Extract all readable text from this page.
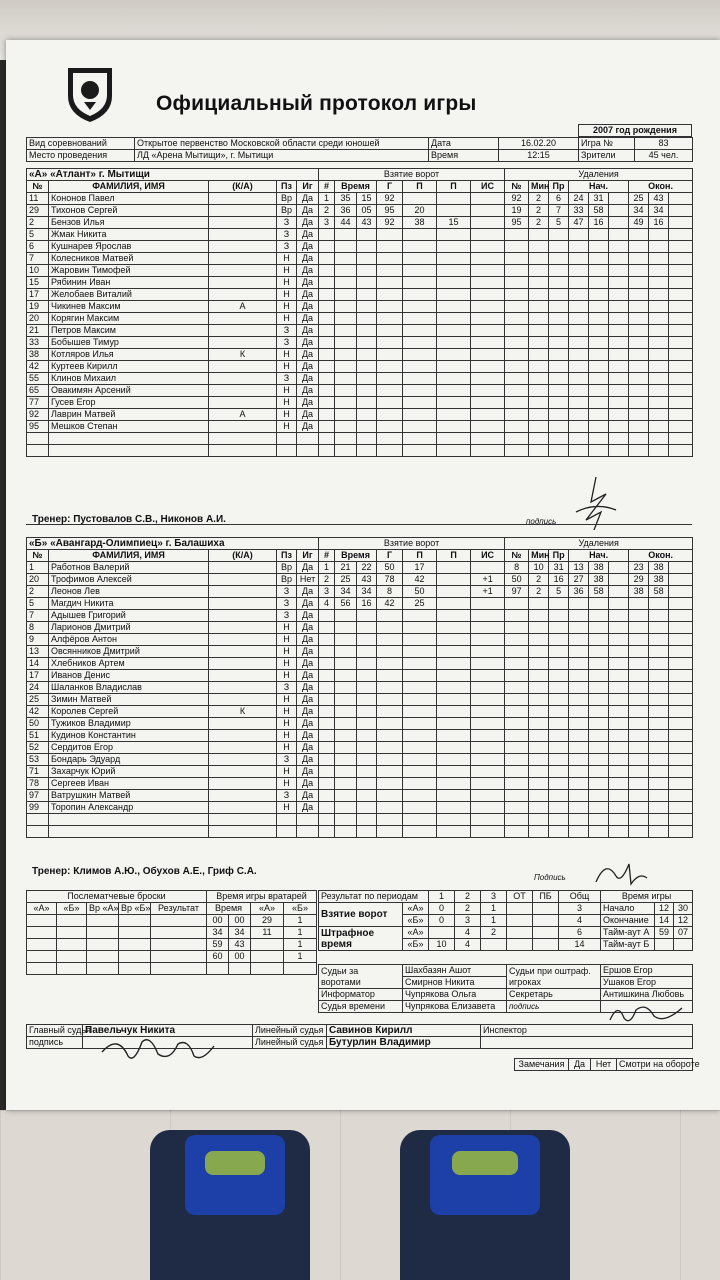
Официальный протокол игры
2007 год рождения
Вид соревнований	Открытое первенство Московской области среди юношей	Дата	16.02.20	Игра №	83
Место проведения	ЛД «Арена Мытищи», г. Мытищи	Время	12:15	Зрители	45 чел.
«А» «Атлант» г. Мытищи					Взятие ворот							Удаления								
№	ФАМИЛИЯ, ИМЯ	(К/А)	Пз	Иг	#	Время		Г	П	П	ИС	№	Мин	Пр	Нач.			Окон.		
11	Кононов Павел		Вр	Да	1	35	15	92				92	2	6	24	31		25	43	
29	Тихонов Сергей		Вр	Да	2	36	05	95	20			19	2	7	33	58		34	34	
2	Бензов Илья		З	Да	3	44	43	92	38	15		95	2	5	47	16		49	16	
5	Жмак Никита		З	Да																
6	Кушнарев Ярослав		З	Да																
7	Колесников Матвей		Н	Да																
10	Жаровин Тимофей		Н	Да																
15	Рябинин Иван		Н	Да																
17	Желобаев Виталий		Н	Да																
19	Чикинев Максим	А	Н	Да																
20	Корягин Максим		Н	Да																
21	Петров Максим		З	Да																
33	Бобышев Тимур		З	Да																
38	Котляров Илья	К	Н	Да																
42	Куртеев Кирилл		Н	Да																
55	Клинов Михаил		З	Да																
65	Овакимян Арсений		Н	Да																
77	Гусев Егор		Н	Да																
92	Лаврин Матвей	А	Н	Да																
95	Мешков Степан		Н	Да																

Тренер: Пустовалов С.В., Никонов А.И.	подпись
«Б» «Авангард-Олимпиец» г. Балашиха					Взятие ворот							Удаления								
№	ФАМИЛИЯ, ИМЯ	(К/А)	Пз	Иг	#	Время		Г	П	П	ИС	№	Мин	Пр	Нач.			Окон.		
1	Работнов Валерий		Вр	Да	1	21	22	50	17			8	10	31	13	38		23	38	
20	Трофимов Алексей		Вр	Нет	2	25	43	78	42		+1	50	2	16	27	38		29	38	
2	Леонов Лев		З	Да	3	34	34	8	50		+1	97	2	5	36	58		38	58	
5	Магдич Никита		З	Да	4	56	16	42	25											
7	Адышев Григорий		З	Да																
8	Ларионов Дмитрий		Н	Да																
9	Алфёров Антон		Н	Да																
13	Овсянников Дмитрий		Н	Да																
14	Хлебников Артем		Н	Да																
17	Иванов Денис		Н	Да																
24	Шаланков Владислав		З	Да																
25	Зимин Матвей		Н	Да																
42	Королев Сергей	К	Н	Да																
50	Тужиков Владимир		Н	Да																
51	Кудинов Константин		Н	Да																
52	Сердитов Егор		Н	Да																
53	Бондарь Эдуард		З	Да																
71	Захарчук Юрий		Н	Да																
78	Сергеев Иван		Н	Да																
97	Ватрушкин Матвей		З	Да																
99	Торопин Александр		Н	Да																

Тренер: Климов А.Ю., Обухов А.Е., Гриф С.А.
Подпись
Послематчевые броски				
«А»	«Б»	Вр «А»	Вр «Б»	Результат

Время игры вратарей			
Время		«А»	«Б»
00	00	29	1
34	34	11	1
59	43		1
60	00		1

Результат по периодам		1	2	3	ОТ	ПБ	Общ
Взятие ворот	«А»	0	2	1			3
	«Б»	0	3	1			4
Штрафное время	«А»		4	2			6
	«Б»	10	4				14
Время игры		
Начало	12	30
Окончание	14	12
Тайм-аут А	59	07
Тайм-аут Б		
Судьи за воротами	Шахбазян Ашот	Судьи при оштраф. игроках	Ершов Егор
	Смирнов Никита		Ушаков Егор
Информатор	Чупрякова Ольга	Секретарь	Антишкина Любовь
Судья времени	Чупрякова Елизавета	подпись	
Главный судья	Павельчук Никита	Линейный судья	Савинов Кирилл	Инспектор
подпись		Линейный судья	Бутурлин Владимир	
Замечания	Да	Нет	Смотри на обороте
